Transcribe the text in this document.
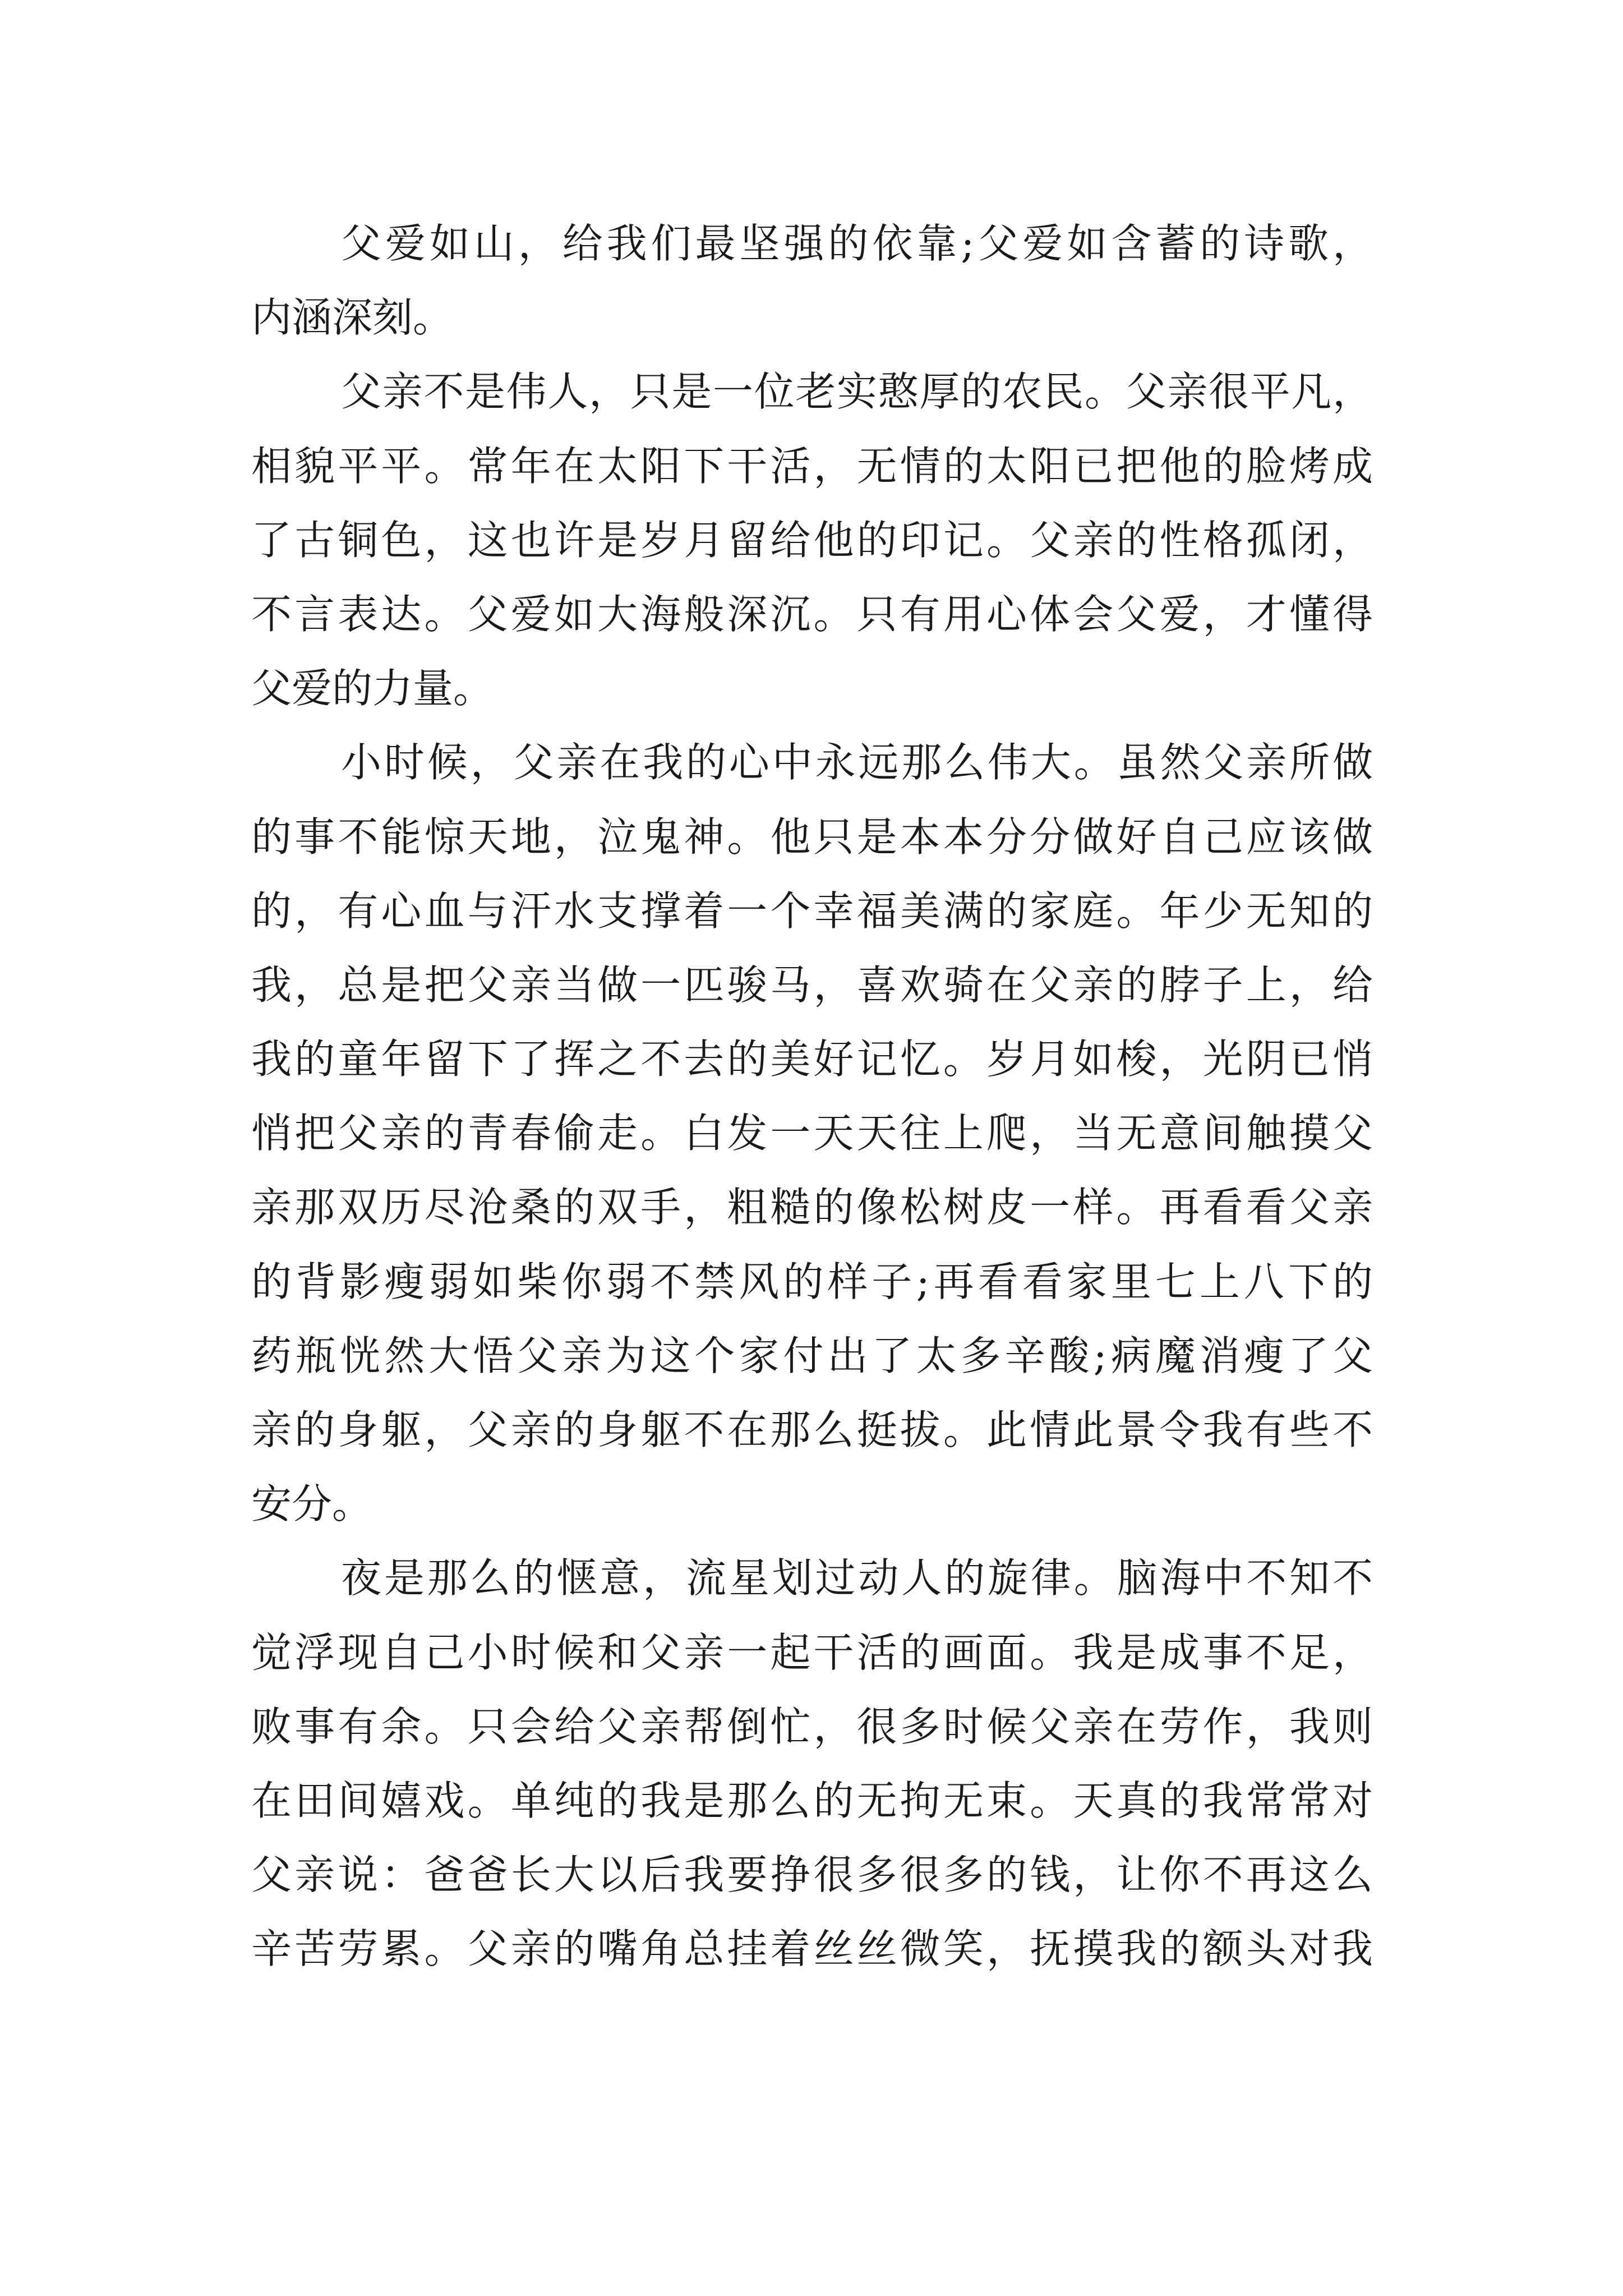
父爱如山，给我们最坚强的依靠;父爱如含蓄的诗歌，
内涵深刻。
父亲不是伟人，只是一位老实憨厚的农民。父亲很平凡，
相貌平平。常年在太阳下干活，无情的太阳已把他的脸烤成
了古铜色，这也许是岁月留给他的印记。父亲的性格孤闭，
不言表达。父爱如大海般深沉。只有用心体会父爱，才懂得
父爱的力量。
小时候，父亲在我的心中永远那么伟大。虽然父亲所做
的事不能惊天地，泣鬼神。他只是本本分分做好自己应该做
的，有心血与汗水支撑着一个幸福美满的家庭。年少无知的
我，总是把父亲当做一匹骏马，喜欢骑在父亲的脖子上，给
我的童年留下了挥之不去的美好记忆。岁月如梭，光阴已悄
悄把父亲的青春偷走。白发一天天往上爬，当无意间触摸父
亲那双历尽沧桑的双手，粗糙的像松树皮一样。再看看父亲
的背影瘦弱如柴你弱不禁风的样子;再看看家里七上八下的
药瓶恍然大悟父亲为这个家付出了太多辛酸;病魔消瘦了父
亲的身躯，父亲的身躯不在那么挺拔。此情此景令我有些不
安分。
夜是那么的惬意，流星划过动人的旋律。脑海中不知不
觉浮现自己小时候和父亲一起干活的画面。我是成事不足，
败事有余。只会给父亲帮倒忙，很多时候父亲在劳作，我则
在田间嬉戏。单纯的我是那么的无拘无束。天真的我常常对
父亲说：爸爸长大以后我要挣很多很多的钱，让你不再这么
辛苦劳累。父亲的嘴角总挂着丝丝微笑，抚摸我的额头对我
